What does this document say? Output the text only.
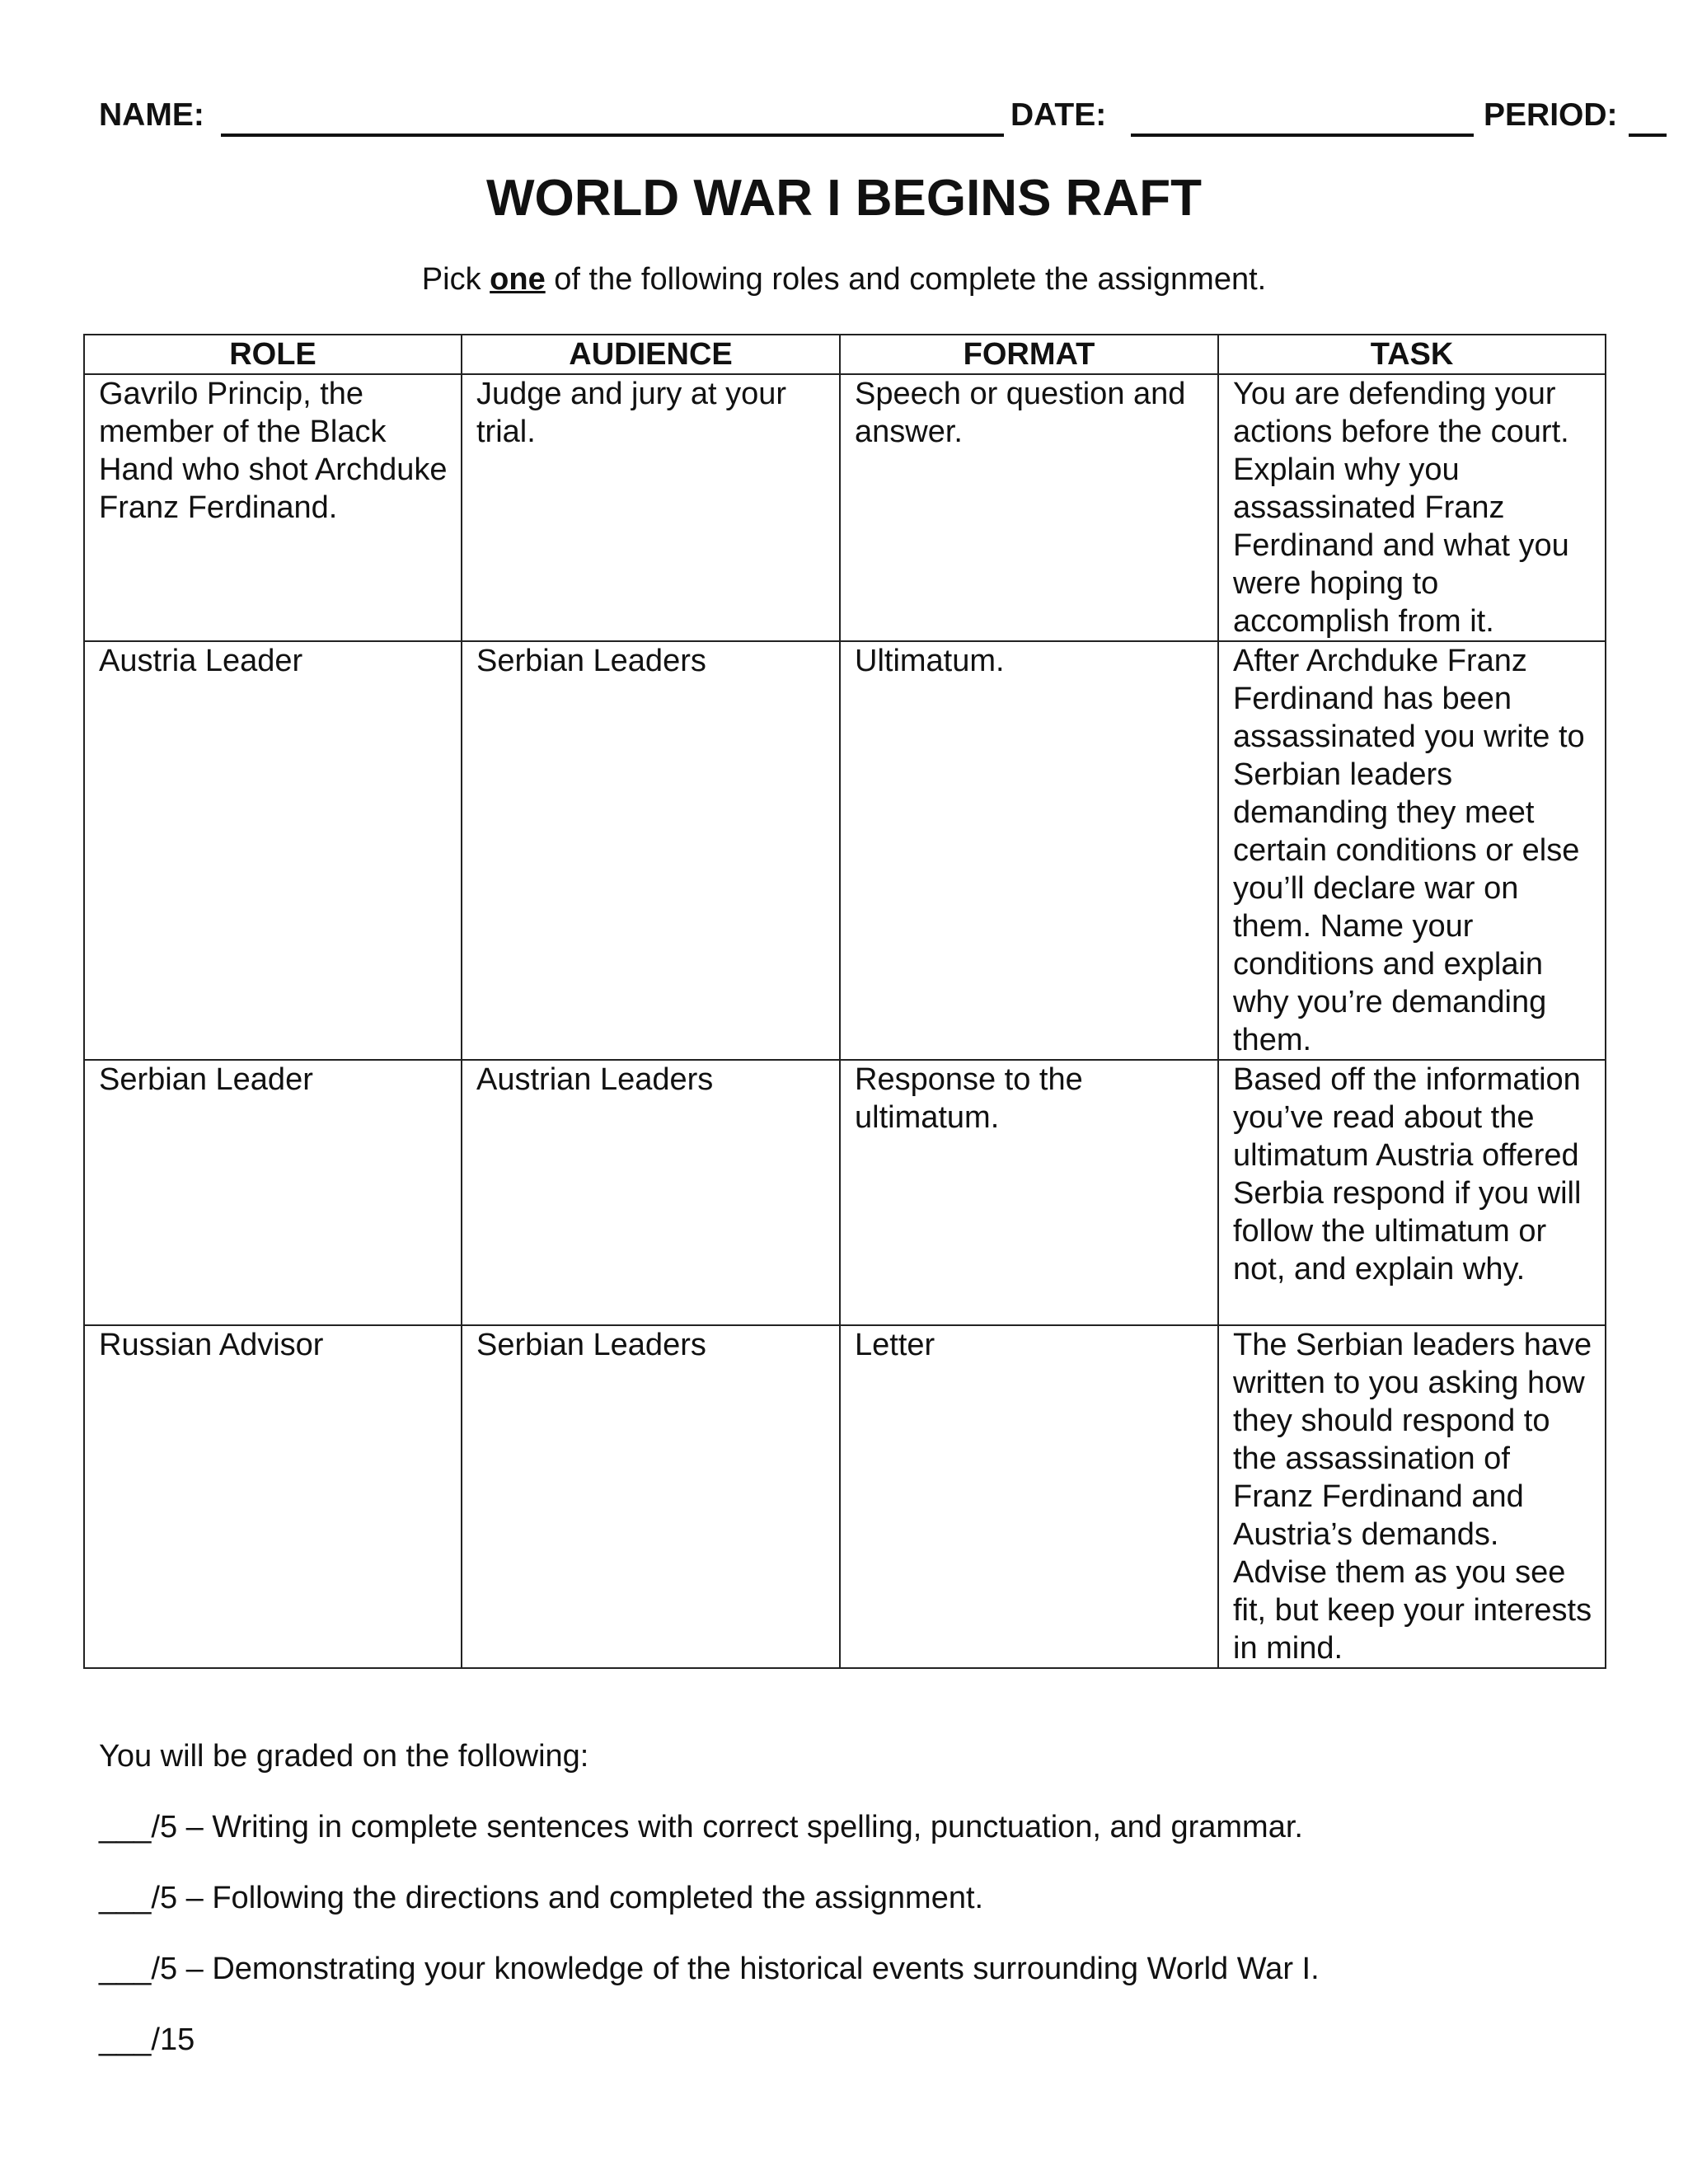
NAME:	DATE:	PERIOD:
WORLD WAR I BEGINS RAFT
Pick one of the following roles and complete the assignment.
ROLE	AUDIENCE	FORMAT	TASK
Gavrilo Princip, the member of the Black Hand who shot Archduke Franz Ferdinand.	Judge and jury at your trial.	Speech or question and answer.	You are defending your actions before the court. Explain why you assassinated Franz Ferdinand and what you were hoping to accomplish from it.
Austria Leader	Serbian Leaders	Ultimatum.	After Archduke Franz Ferdinand has been assassinated you write to Serbian leaders demanding they meet certain conditions or else you’ll declare war on them. Name your conditions and explain why you’re demanding them.
Serbian Leader	Austrian Leaders	Response to the ultimatum.	Based off the information you’ve read about the ultimatum Austria offered Serbia respond if you will follow the ultimatum or not, and explain why.
Russian Advisor	Serbian Leaders	Letter	The Serbian leaders have written to you asking how they should respond to the assassination of Franz Ferdinand and Austria’s demands. Advise them as you see fit, but keep your interests in mind.
You will be graded on the following:
___/5 – Writing in complete sentences with correct spelling, punctuation, and grammar.
___/5 – Following the directions and completed the assignment.
___/5 – Demonstrating your knowledge of the historical events surrounding World War I.
___/15
